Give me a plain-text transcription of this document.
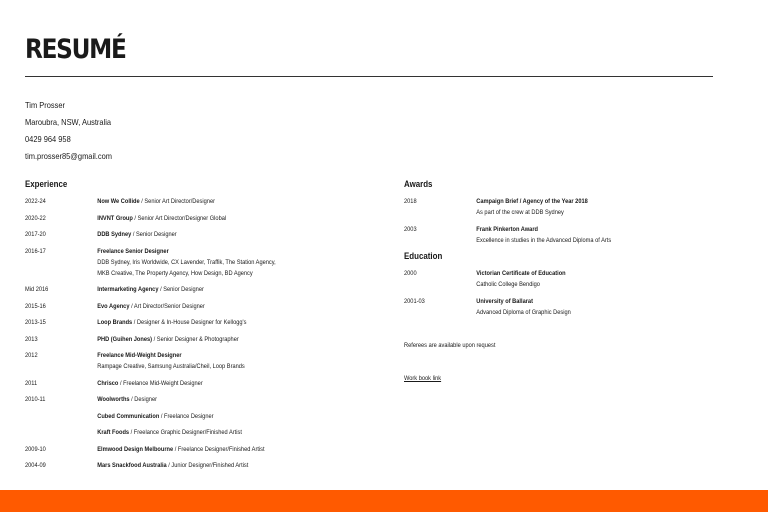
RESUMÉ
Tim Prosser
Maroubra, NSW, Australia
0429 964 958
tim.prosser85@gmail.com
Experience
2022-24	Now We Collide / Senior Art Director/Designer
2020-22	INVNT Group / Senior Art Director/Designer Global
2017-20	DDB Sydney / Senior Designer
2016-17	Freelance Senior Designer
DDB Sydney, Iris Worldwide, CX Lavender, Traffik, The Station Agency,
MKB Creative, The Property Agency, How Design, BD Agency
Mid 2016	Intermarketing Agency / Senior Designer
2015-16	Evo Agency / Art Director/Senior Designer
2013-15	Loop Brands / Designer & In-House Designer for Kellogg's
2013	PHD (Guihen Jones) / Senior Designer & Photographer
2012	Freelance Mid-Weight Designer
Rampage Creative, Samsung Australia/Cheil, Loop Brands
2011	Chrisco / Freelance Mid-Weight Designer
2010-11	Woolworths / Designer
Cubed Communication / Freelance Designer
Kraft Foods / Freelance Graphic Designer/Finished Artist
2009-10	Elmwood Design Melbourne / Freelance Designer/Finished Artist
2004-09	Mars Snackfood Australia / Junior Designer/Finished Artist
Awards
2018	Campaign Brief / Agency of the Year 2018
As part of the crew at DDB Sydney
2003	Frank Pinkerton Award
Excellence in studies in the Advanced Diploma of Arts
Education
2000	Victorian Certificate of Education
Catholic College Bendigo
2001-03	University of Ballarat
Advanced Diploma of Graphic Design
Referees are available upon request
Work book link
